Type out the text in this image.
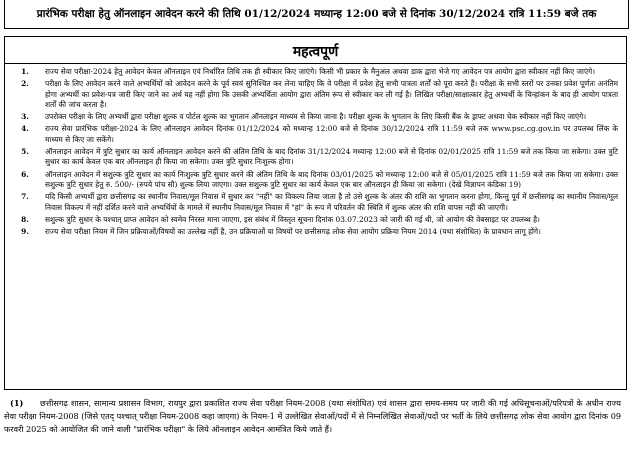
प्रारंभिक परीक्षा हेतु ऑनलाइन आवेदन करने की तिथि 01/12/2024 मध्यान्ह 12:00 बजे से दिनांक 30/12/2024 रात्रि 11:59 बजे तक
महत्वपूर्ण
1.	राज्य सेवा परीक्षा-2024 हेतु आवेदन केवल ऑनलाइन एवं निर्धारित तिथि तक ही स्वीकार किए जाएंगे। किसी भी प्रकार के मैनुअल अथवा डाक द्वारा भेजे गए आवेदन पत्र आयोग द्वारा स्वीकार नहीं किए जाएंगे।
2.	परीक्षा के लिए आवेदन करने वाले अभ्यर्थियों को आवेदन करने के पूर्व स्वयं सुनिश्चित कर लेना चाहिए कि वे परीक्षा में प्रवेश हेतु सभी पात्रता शर्तों को पूरा करते हैं। परीक्षा के सभी स्तरों पर उनका प्रवेश पूर्णतः अनंतिम होगा अभ्यर्थी का प्रवेश-पत्र जारी किए जाने का अर्थ यह नहीं होगा कि उसकी अभ्यर्थिता आयोग द्वारा अंतिम रूप से स्वीकार कर ली गई है। लिखित परीक्षा/साक्षात्कार हेतु अभ्यर्थी के चिन्हांकन के बाद ही आयोग पात्रता शर्तों की जांच करता है।
3.	उपरोक्त परीक्षा के लिए अभ्यर्थी द्वारा परीक्षा शुल्क व पोर्टल शुल्क का भुगतान ऑनलाइन माध्यम से किया जाना है। परीक्षा शुल्क के भुगतान के लिए किसी बैंक के ड्राफ्ट अथवा चेक स्वीकार नहीं किए जाएंगे।
4.	राज्य सेवा प्रारंभिक परीक्षा-2024 के लिए ऑनलाइन आवेदन दिनांक 01/12/2024 को मध्यान्ह 12:00 बजे से दिनांक 30/12/2024 रात्रि 11:59 बजे तक www.psc.cg.gov.in पर उपलब्ध लिंक के माध्यम से किए जा सकेंगे।
5.	ऑनलाइन आवेदन में त्रुटि सुधार का कार्य ऑनलाइन आवेदन करने की अंतिम तिथि के बाद दिनांक 31/12/2024 मध्यान्ह 12:00 बजे से दिनांक 02/01/2025 रात्रि 11:59 बजे तक किया जा सकेगा। उक्त त्रुटि सुधार का कार्य केवल एक बार ऑनलाइन ही किया जा सकेगा। उक्त त्रुटि सुधार निःशुल्क होगा।
6.	ऑनलाइन आवेदन में सशुल्क त्रुटि सुधार का कार्य निःशुल्क त्रुटि सुधार करने की अंतिम तिथि के बाद दिनांक 03/01/2025 को मध्यान्ह 12:00 बजे से 05/01/2025 रात्रि 11:59 बजे तक किया जा सकेगा। उक्त सशुल्क त्रुटि सुधार हेतु रु. 500/- (रुपये पांच सौ) शुल्क लिया जाएगा। उक्त सशुल्क त्रुटि सुधार का कार्य केवल एक बार ऑनलाइन ही किया जा सकेगा। (देखे विज्ञापन कंडिका 19)
7.	यदि किसी अभ्यर्थी द्वारा छत्तीसगढ़ का स्थानीय निवास/मूल निवास में सुधार कर "नहीं" का विकल्प लिया जाता है तो उसे शुल्क के अंतर की राशि का भुगतान करना होगा, किन्तु पूर्व में छत्तीसगढ़ का स्थानीय निवास/मूल निवास विकल्प में नहीं दर्शित करने वाले अभ्यर्थियों के मामले में स्थानीय निवास/मूल निवास में "हां" के रूप में परिवर्तन की स्थिति में शुल्क अंतर की राशि वापस नहीं की जाएगी।
8.	सशुल्क त्रुटि सुधार के पश्चात् प्राप्त आवेदन को स्वमेव निरस्त माना जाएगा, इस संबंध में विस्तृत सूचना दिनांक 03.07.2023 को जारी की गई थी, जो आयोग की वेबसाइट पर उपलब्ध है।
9.	राज्य सेवा परीक्षा नियम में जिन प्रक्रियाओं/विषयों का उल्लेख नहीं है, उन प्रक्रियाओं या विषयों पर छत्तीसगढ़ लोक सेवा आयोग प्रक्रिया नियम 2014 (यथा संशोधित) के प्रावधान लागू होंगे।
(1)	छत्तीसगढ़ शासन, सामान्य प्रशासन विभाग, रायपुर द्वारा प्रकाशित राज्य सेवा परीक्षा नियम-2008 (यथा संशोधित) एवं शासन द्वारा समय-समय पर जारी की गई अधिसूचनाओं/परिपत्रों के अधीन राज्य सेवा परीक्षा नियम-2008 (जिसे एतद् पश्चात् परीक्षा नियम-2008 कहा जाएगा) के नियम-1 में उल्लेखित सेवाओं/पदों में से निम्नलिखित सेवाओं/पदों पर भर्ती के लिये छत्तीसगढ़ लोक सेवा आयोग द्वारा दिनांक 09 फरवरी 2025 को आयोजित की जाने वाली "प्रारंभिक परीक्षा" के लिये ऑनलाइन आवेदन आमंत्रित किये जाते हैं।
